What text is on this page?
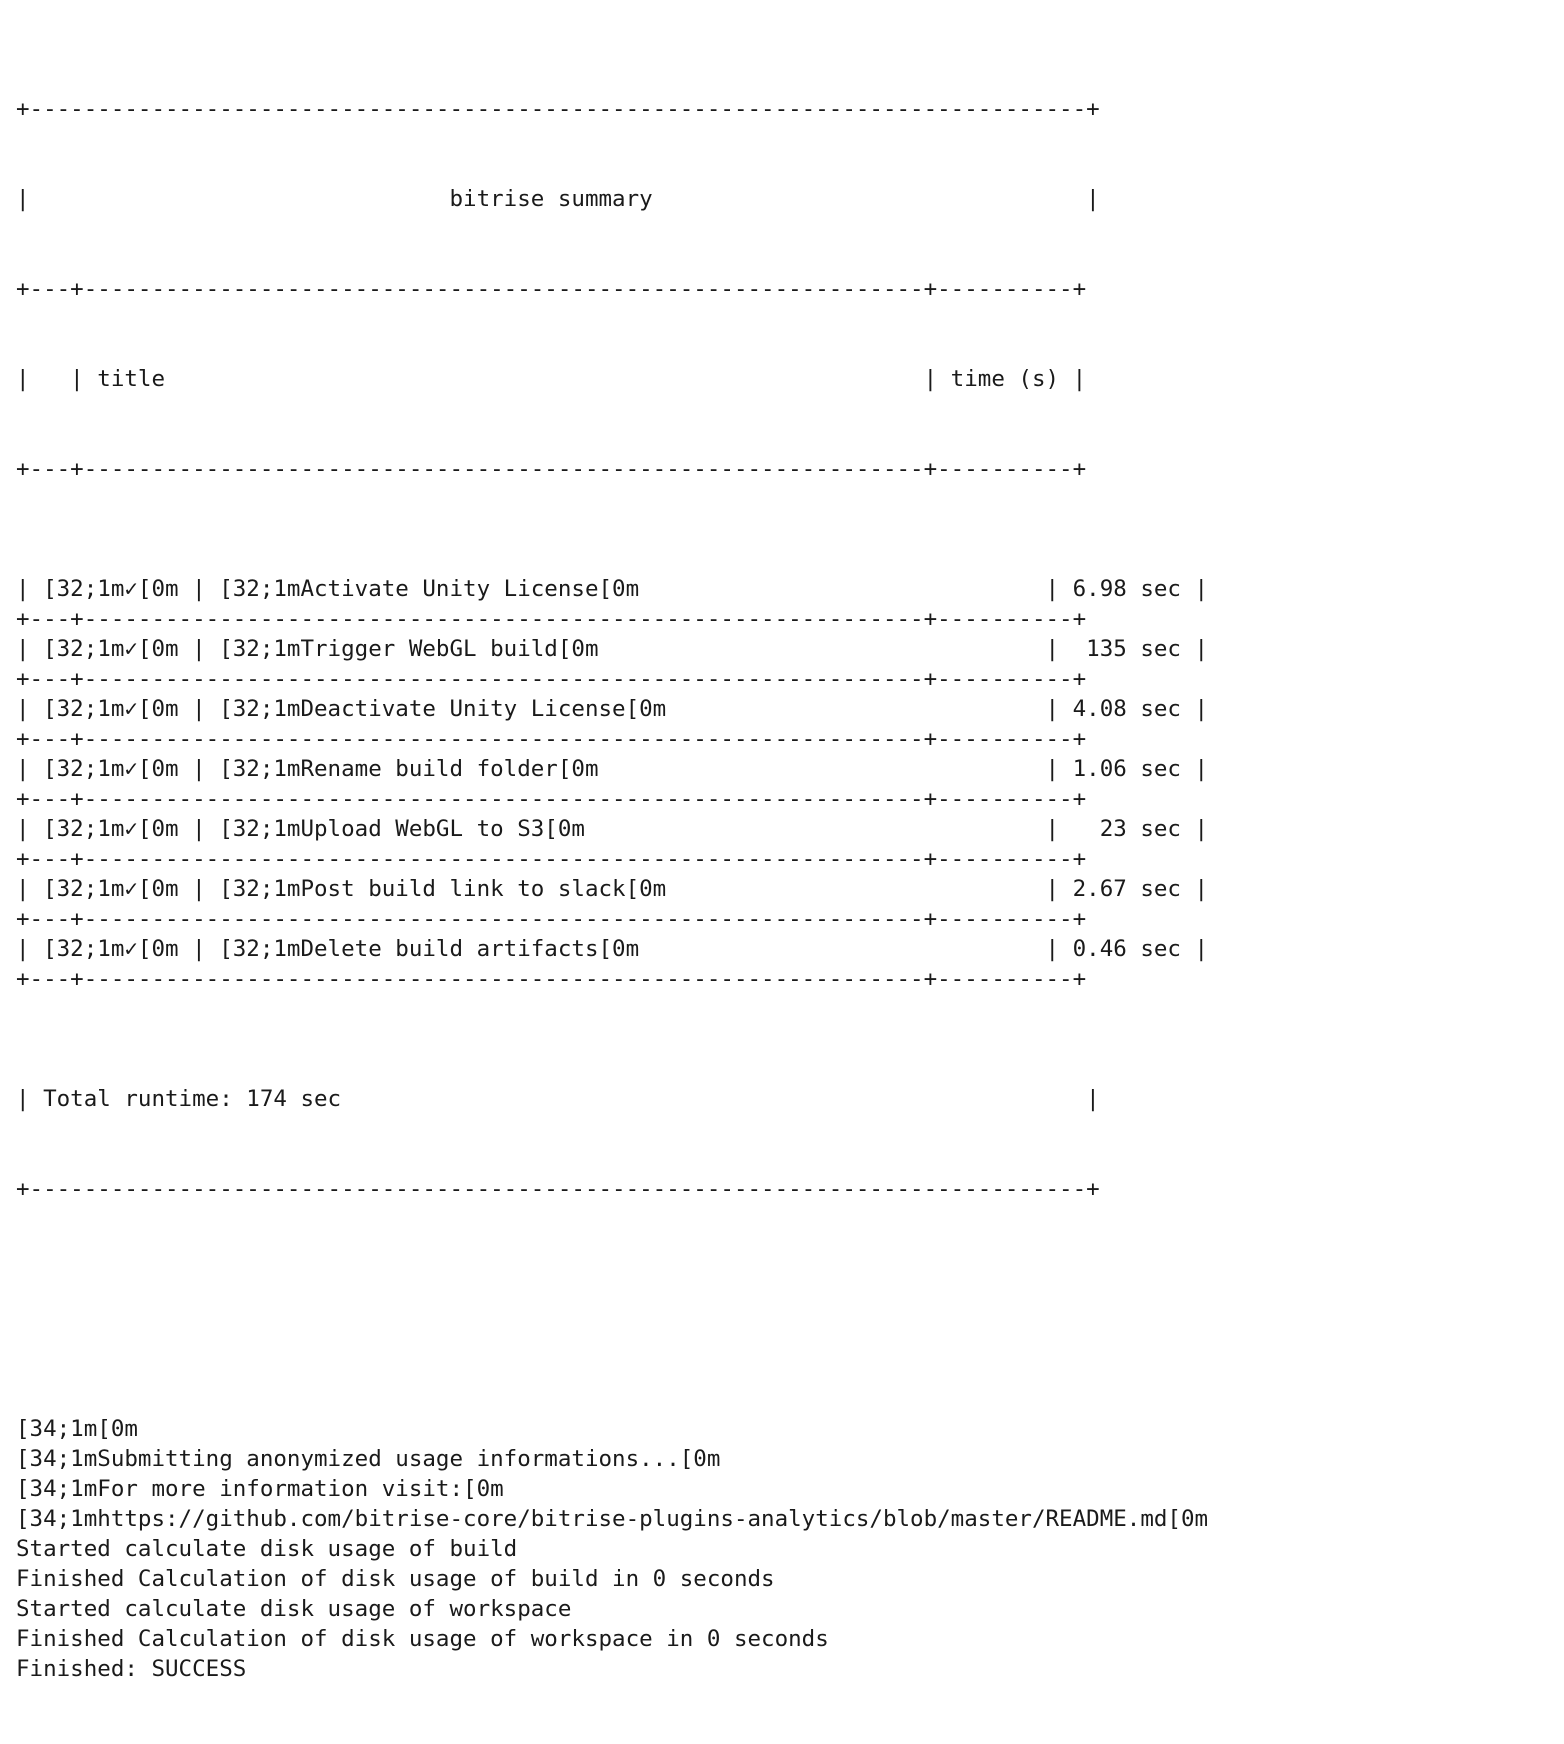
+------------------------------------------------------------------------------+

|                               bitrise summary                                |

+---+--------------------------------------------------------------+----------+

|   | title                                                        | time (s) |

+---+--------------------------------------------------------------+----------+

| [32;1m✓[0m | [32;1mActivate Unity License[0m                              | 6.98 sec |
+---+--------------------------------------------------------------+----------+
| [32;1m✓[0m | [32;1mTrigger WebGL build[0m                                 |  135 sec |
+---+--------------------------------------------------------------+----------+
| [32;1m✓[0m | [32;1mDeactivate Unity License[0m                            | 4.08 sec |
+---+--------------------------------------------------------------+----------+
| [32;1m✓[0m | [32;1mRename build folder[0m                                 | 1.06 sec |
+---+--------------------------------------------------------------+----------+
| [32;1m✓[0m | [32;1mUpload WebGL to S3[0m                                  |   23 sec |
+---+--------------------------------------------------------------+----------+
| [32;1m✓[0m | [32;1mPost build link to slack[0m                            | 2.67 sec |
+---+--------------------------------------------------------------+----------+
| [32;1m✓[0m | [32;1mDelete build artifacts[0m                              | 0.46 sec |
+---+--------------------------------------------------------------+----------+

| Total runtime: 174 sec                                                       |

+------------------------------------------------------------------------------+

[34;1m[0m
[34;1mSubmitting anonymized usage informations...[0m
[34;1mFor more information visit:[0m
[34;1mhttps://github.com/bitrise-core/bitrise-plugins-analytics/blob/master/README.md[0m
Started calculate disk usage of build
Finished Calculation of disk usage of build in 0 seconds
Started calculate disk usage of workspace
Finished Calculation of disk usage of workspace in 0 seconds
Finished: SUCCESS
